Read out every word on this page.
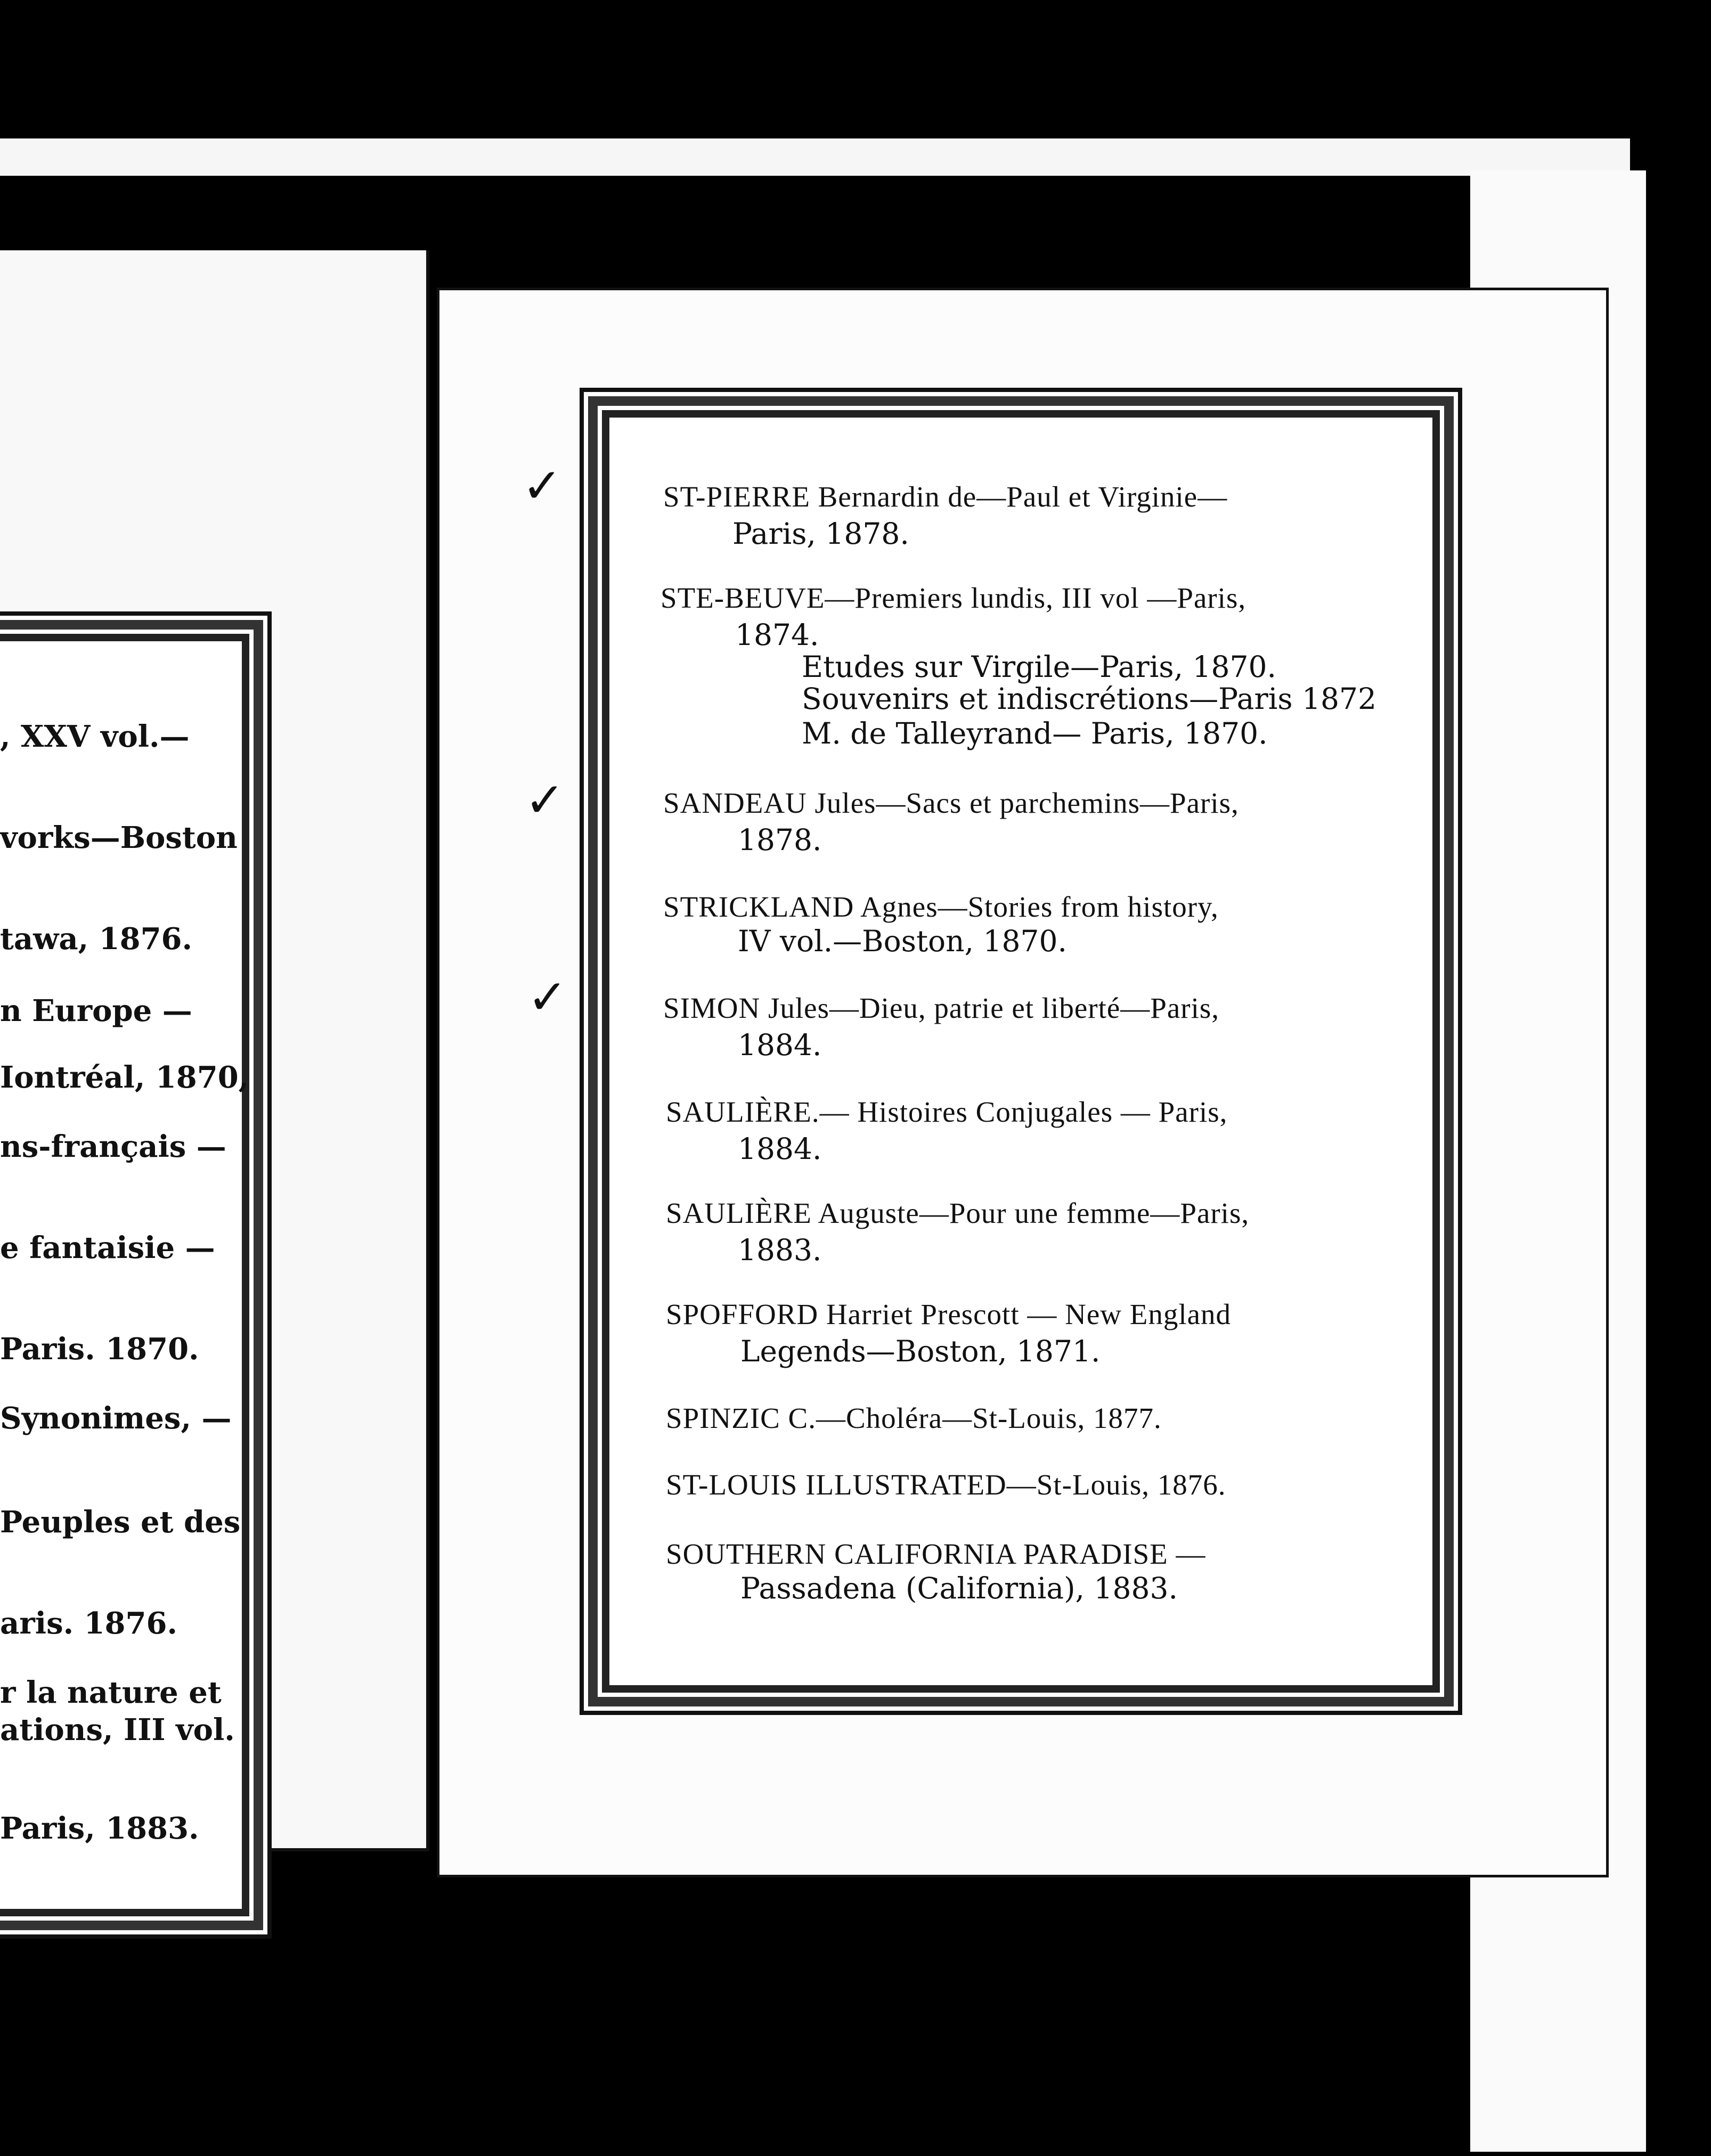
, XXV vol.—
vorks—Boston
tawa, 1876.
n Europe —
Iontréal, 1870,
ns-français —
e fantaisie —
Paris. 1870.
Synonimes, —
Peuples et des
aris. 1876.
r la nature et
ations, III vol.
Paris, 1883.
ST-PIERRE Bernardin de—Paul et Virginie—
Paris, 1878.
STE-BEUVE—Premiers lundis, III vol —Paris,
1874.
Etudes sur Virgile—Paris, 1870.
Souvenirs et indiscrétions—Paris 1872
M. de Talleyrand— Paris, 1870.
SANDEAU Jules—Sacs et parchemins—Paris,
1878.
STRICKLAND Agnes—Stories from history,
IV vol.—Boston, 1870.
SIMON Jules—Dieu, patrie et liberté—Paris,
1884.
SAULIÈRE.— Histoires Conjugales — Paris,
1884.
SAULIÈRE Auguste—Pour une femme—Paris,
1883.
SPOFFORD Harriet Prescott — New England
Legends—Boston, 1871.
SPINZIC C.—Choléra—St-Louis, 1877.
ST-LOUIS ILLUSTRATED—St-Louis, 1876.
SOUTHERN CALIFORNIA PARADISE —
Passadena (California), 1883.
✓
✓
✓
